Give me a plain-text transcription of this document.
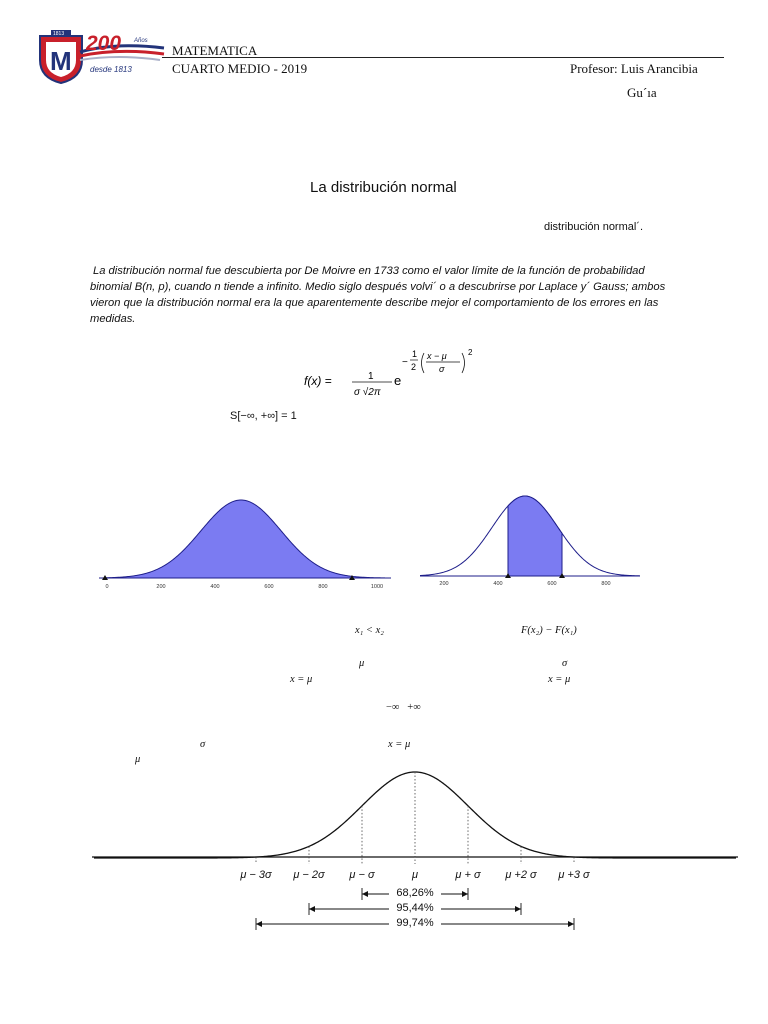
M
1813 200 Años
desde 1813
MATEMATICA
CUARTO MEDIO - 2019	Profesor: Luis Arancibia
Gu´ıa
La distribución normal
distribución normal´.
La distribución normal fue descubierta por De Moivre en 1733 como el valor límite de la función de probabilidad
binomial B(n, p), cuando n tiende a infinito. Medio siglo después volvi´ o a descubrirse por Laplace y´ Gauss; ambos
vieron que la distribución normal era la que aparentemente describe mejor el comportamiento de los errores en las
medidas.
f(x) =	1
σ √2π
e
−
1
2
x − μ
σ
2
S[−∞, +∞] = 1
0	200	400	600	800	1000	200	400	600	800
x₁ < x₂	F(x₂) − F(x₁)
μ	σ
x = μ	x = μ
−∞   +∞
σ	x = μ
μ
μ − 3σ μ − 2σ μ − σ	μ	μ + σ μ +2 σ μ +3 σ
68,26%
95,44%
99,74%
